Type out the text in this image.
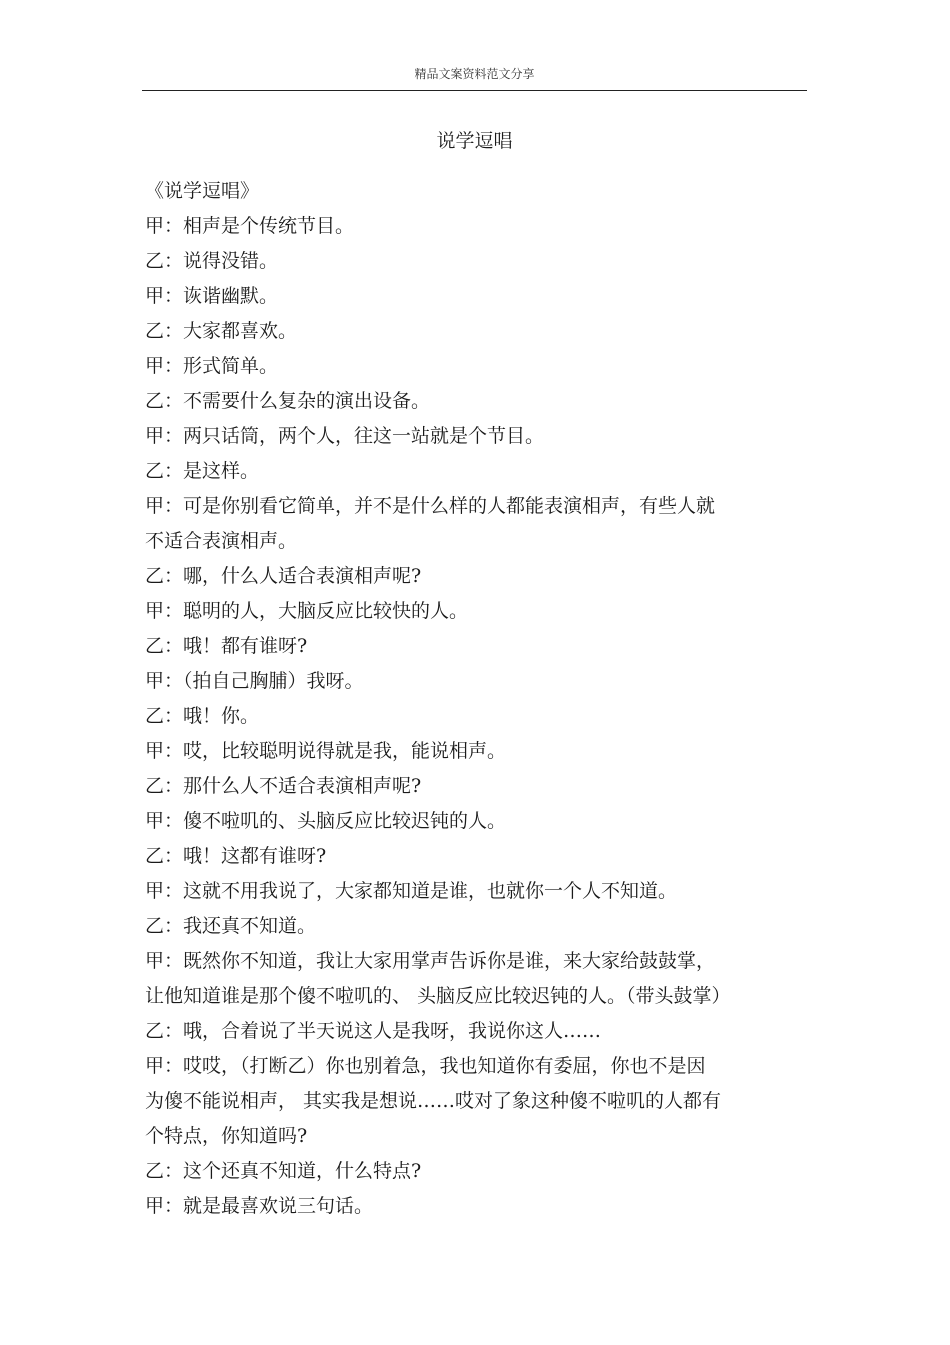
精品文案资料范文分享
说学逗唱
《说学逗唱》
甲：相声是个传统节目。
乙：说得没错。
甲：诙谐幽默。
乙：大家都喜欢。
甲：形式简单。
乙：不需要什么复杂的演出设备。
甲：两只话筒，两个人，往这一站就是个节目。
乙：是这样。
甲：可是你别看它简单，并不是什么样的人都能表演相声，有些人就
不适合表演相声。
乙：哪，什么人适合表演相声呢?
甲：聪明的人，大脑反应比较快的人。
乙：哦！都有谁呀?
甲：（拍自己胸脯）我呀。
乙：哦！你。
甲：哎，比较聪明说得就是我，能说相声。
乙：那什么人不适合表演相声呢?
甲：傻不啦叽的、头脑反应比较迟钝的人。
乙：哦！这都有谁呀?
甲：这就不用我说了，大家都知道是谁，也就你一个人不知道。
乙：我还真不知道。
甲：既然你不知道，我让大家用掌声告诉你是谁，来大家给鼓鼓掌，
让他知道谁是那个傻不啦叽的、 头脑反应比较迟钝的人。（带头鼓掌）
乙：哦，合着说了半天说这人是我呀，我说你这人……
甲：哎哎，（打断乙）你也别着急，我也知道你有委屈，你也不是因
为傻不能说相声， 其实我是想说……哎对了象这种傻不啦叽的人都有
个特点，你知道吗?
乙：这个还真不知道，什么特点?
甲：就是最喜欢说三句话。
